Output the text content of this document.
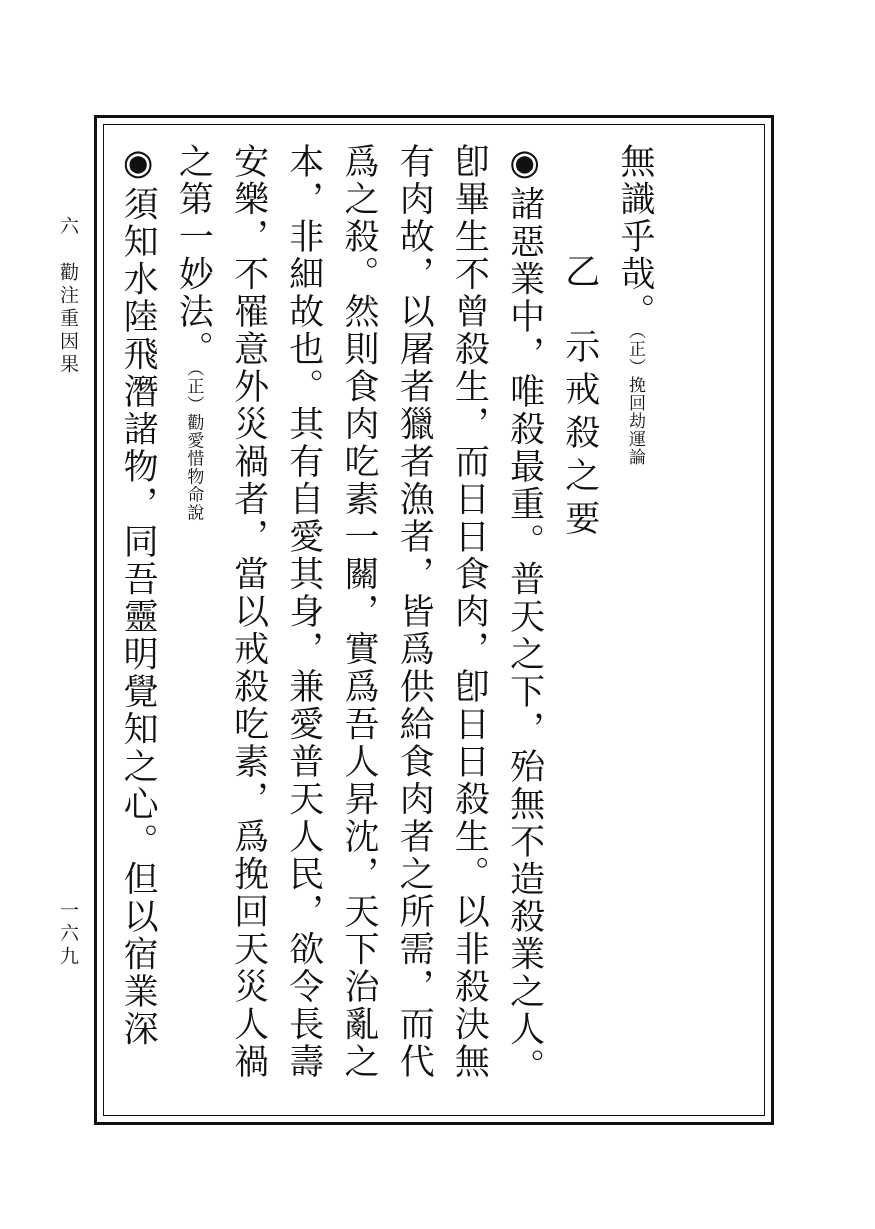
六　勸注重因果
一六九
無識乎哉。（正）挽回劫運論
乙　示戒殺之要
◉諸惡業中，唯殺最重。普天之下，殆無不造殺業之人。卽畢生不曾殺生，而日日食肉，卽日日殺生。以非殺決無有肉故，以屠者獵者漁者，皆爲供給食肉者之所需，而代爲之殺。然則食肉吃素一關，實爲吾人昇沈，天下治亂之本，非細故也。其有自愛其身，兼愛普天人民，欲令長壽安樂，不罹意外災禍者，當以戒殺吃素，爲挽回天災人禍之第一妙法。（正）勸愛惜物命說
◉須知水陸飛潛諸物，同吾靈明覺知之心。但以宿業深
